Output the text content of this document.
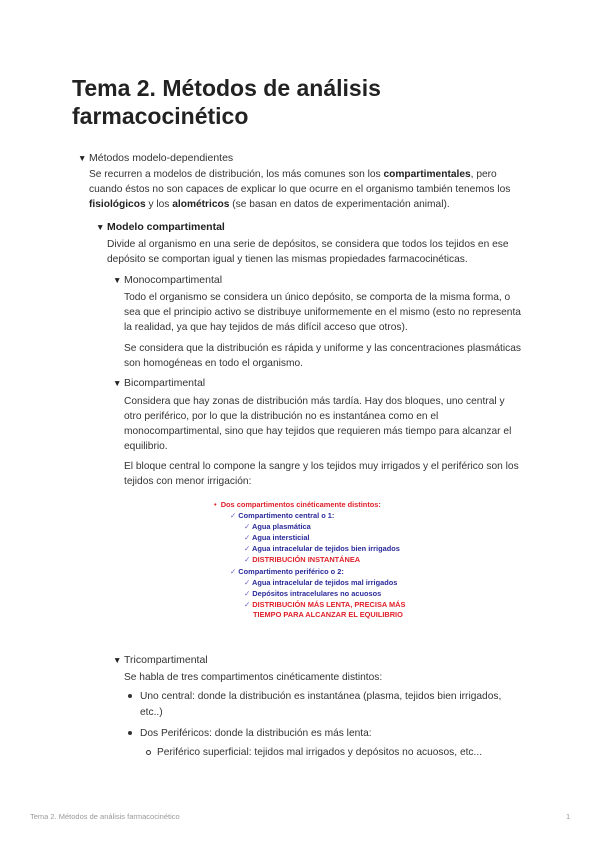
Tema 2. Métodos de análisis
farmacocinético
▼ Métodos modelo-dependientes
Se recurren a modelos de distribución, los más comunes son los compartimentales, pero
cuando éstos no son capaces de explicar lo que ocurre en el organismo también tenemos los
fisiológicos y los alométricos (se basan en datos de experimentación animal).
▼ Modelo compartimental
Divide al organismo en una serie de depósitos, se considera que todos los tejidos en ese
depósito se comportan igual y tienen las mismas propiedades farmacocinéticas.
▼ Monocompartimental
Todo el organismo se considera un único depósito, se comporta de la misma forma, o
sea que el principio activo se distribuye uniformemente en el mismo (esto no representa
la realidad, ya que hay tejidos de más difícil acceso que otros).
Se considera que la distribución es rápida y uniforme y las concentraciones plasmáticas
son homogéneas en todo el organismo.
▼ Bicompartimental
Considera que hay zonas de distribución más tardía. Hay dos bloques, uno central y
otro periférico, por lo que la distribución no es instantánea como en el
monocompartimental, sino que hay tejidos que requieren más tiempo para alcanzar el
equilibrio.
El bloque central lo compone la sangre y los tejidos muy irrigados y el periférico son los
tejidos con menor irrigación:
• Dos compartimentos cinéticamente distintos:
✓ Compartimento central o 1:
✓ Agua plasmática
✓ Agua intersticial
✓ Agua intracelular de tejidos bien irrigados
✓ DISTRIBUCIÓN INSTANTÁNEA
✓ Compartimento periférico o 2:
✓ Agua intracelular de tejidos mal irrigados
✓ Depósitos intracelulares no acuosos
✓ DISTRIBUCIÓN MÁS LENTA, PRECISA MÁS
TIEMPO PARA ALCANZAR EL EQUILIBRIO
▼ Tricompartimental
Se habla de tres compartimentos cinéticamente distintos:
Uno central: donde la distribución es instantánea (plasma, tejidos bien irrigados,
etc..)
Dos Periféricos: donde la distribución es más lenta:
Periférico superficial: tejidos mal irrigados y depósitos no acuosos, etc...
Tema 2. Métodos de análisis farmacocinético	1
